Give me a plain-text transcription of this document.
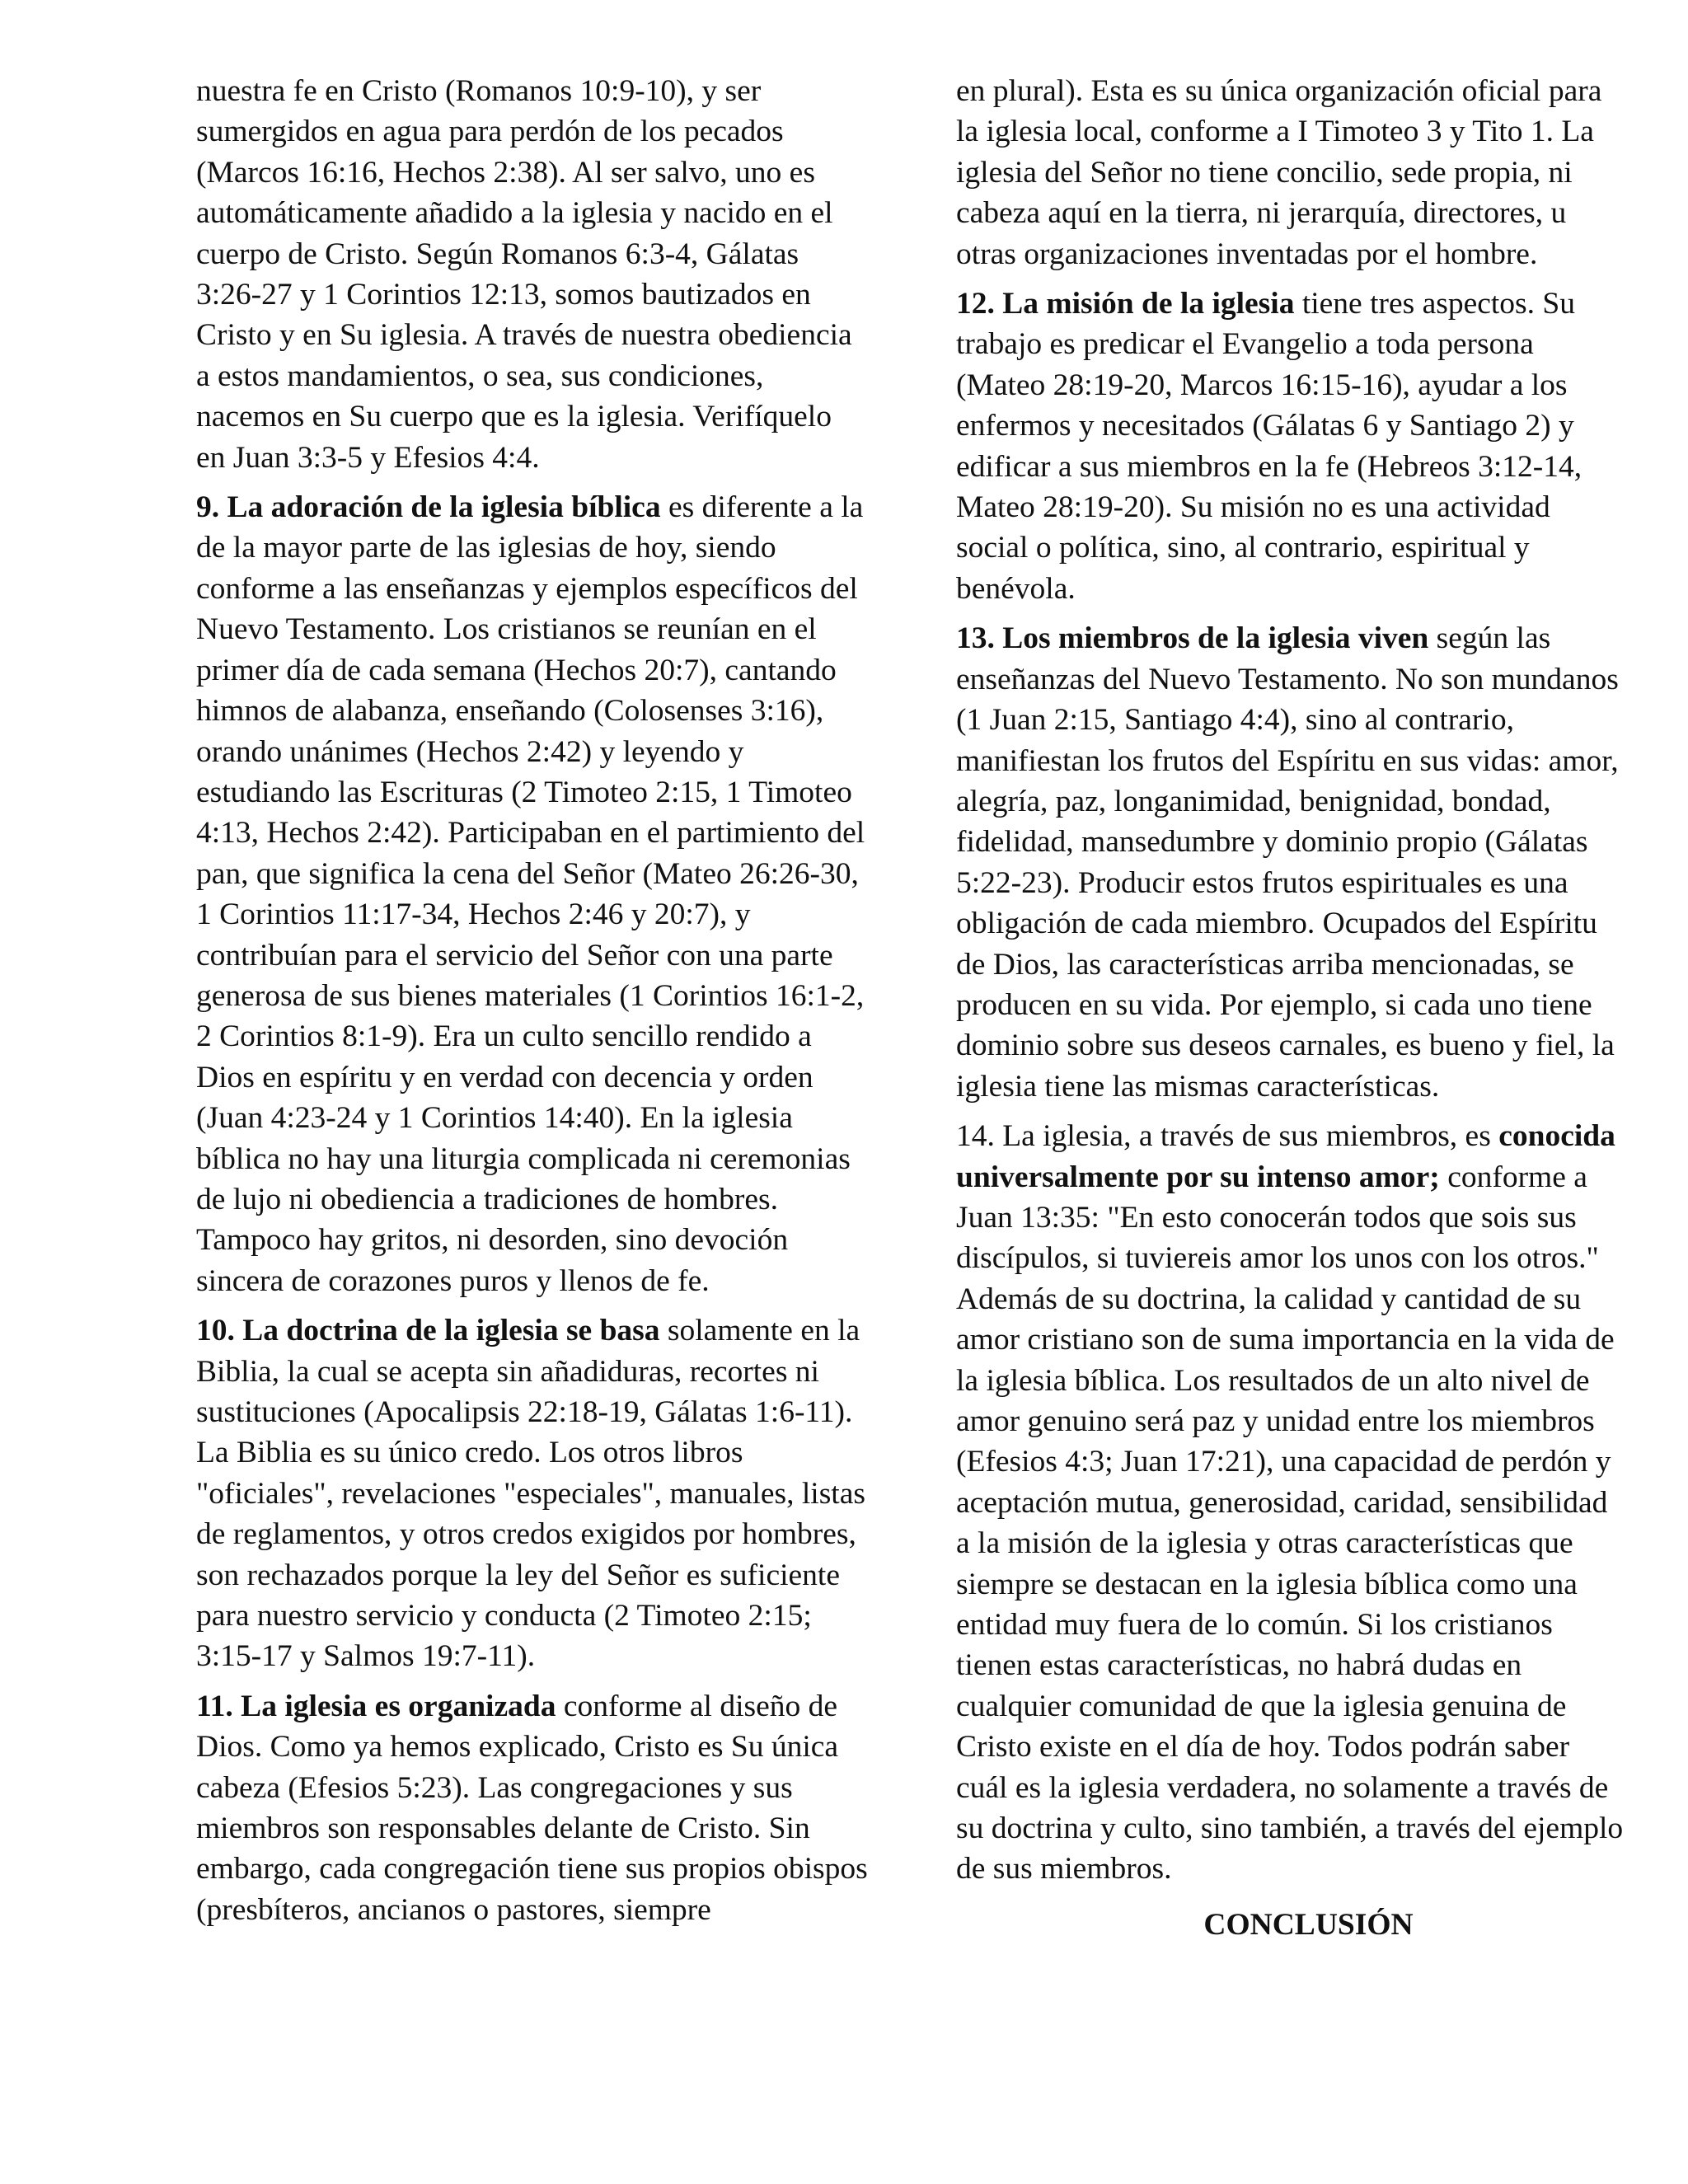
nuestra fe en Cristo (Romanos 10:9-10), y ser sumergidos en agua para perdón de los pecados (Marcos 16:16, Hechos 2:38). Al ser salvo, uno es automáticamente añadido a la iglesia y nacido en el cuerpo de Cristo. Según Romanos 6:3-4, Gálatas 3:26-27 y 1 Corintios 12:13, somos bautizados en Cristo y en Su iglesia. A través de nuestra obediencia a estos mandamientos, o sea, sus condiciones, nacemos en Su cuerpo que es la iglesia. Verifíquelo en Juan 3:3-5 y Efesios 4:4.

9. La adoración de la iglesia bíblica es diferente a la de la mayor parte de las iglesias de hoy, siendo conforme a las enseñanzas y ejemplos específicos del Nuevo Testamento. Los cristianos se reunían en el primer día de cada semana (Hechos 20:7), cantando himnos de alabanza, enseñando (Colosenses 3:16), orando unánimes (Hechos 2:42) y leyendo y estudiando las Escrituras (2 Timoteo 2:15, 1 Timoteo 4:13, Hechos 2:42). Participaban en el partimiento del pan, que significa la cena del Señor (Mateo 26:26-30, 1 Corintios 11:17-34, Hechos 2:46 y 20:7), y contribuían para el servicio del Señor con una parte generosa de sus bienes materiales (1 Corintios 16:1-2, 2 Corintios 8:1-9). Era un culto sencillo rendido a Dios en espíritu y en verdad con decencia y orden (Juan 4:23-24 y 1 Corintios 14:40). En la iglesia bíblica no hay una liturgia complicada ni ceremonias de lujo ni obediencia a tradiciones de hombres. Tampoco hay gritos, ni desorden, sino devoción sincera de corazones puros y llenos de fe.

10. La doctrina de la iglesia se basa solamente en la Biblia, la cual se acepta sin añadiduras, recortes ni sustituciones (Apocalipsis 22:18-19, Gálatas 1:6-11). La Biblia es su único credo. Los otros libros "oficiales", revelaciones "especiales", manuales, listas de reglamentos, y otros credos exigidos por hombres, son rechazados porque la ley del Señor es suficiente para nuestro servicio y conducta (2 Timoteo 2:15; 3:15-17 y Salmos 19:7-11).

11. La iglesia es organizada conforme al diseño de Dios. Como ya hemos explicado, Cristo es Su única cabeza (Efesios 5:23). Las congregaciones y sus miembros son responsables delante de Cristo. Sin embargo, cada congregación tiene sus propios obispos (presbíteros, ancianos o pastores, siempre

en plural). Esta es su única organización oficial para la iglesia local, conforme a I Timoteo 3 y Tito 1. La iglesia del Señor no tiene concilio, sede propia, ni cabeza aquí en la tierra, ni jerarquía, directores, u otras organizaciones inventadas por el hombre.

12. La misión de la iglesia tiene tres aspectos. Su trabajo es predicar el Evangelio a toda persona (Mateo 28:19-20, Marcos 16:15-16), ayudar a los enfermos y necesitados (Gálatas 6 y Santiago 2) y edificar a sus miembros en la fe (Hebreos 3:12-14, Mateo 28:19-20). Su misión no es una actividad social o política, sino, al contrario, espiritual y benévola.

13. Los miembros de la iglesia viven según las enseñanzas del Nuevo Testamento. No son mundanos (1 Juan 2:15, Santiago 4:4), sino al contrario, manifiestan los frutos del Espíritu en sus vidas: amor, alegría, paz, longanimidad, benignidad, bondad, fidelidad, mansedumbre y dominio propio (Gálatas 5:22-23). Producir estos frutos espirituales es una obligación de cada miembro. Ocupados del Espíritu de Dios, las características arriba mencionadas, se producen en su vida. Por ejemplo, si cada uno tiene dominio sobre sus deseos carnales, es bueno y fiel, la iglesia tiene las mismas características.

14. La iglesia, a través de sus miembros, es conocida universalmente por su intenso amor; conforme a Juan 13:35: "En esto conocerán todos que sois sus discípulos, si tuviereis amor los unos con los otros." Además de su doctrina, la calidad y cantidad de su amor cristiano son de suma importancia en la vida de la iglesia bíblica. Los resultados de un alto nivel de amor genuino será paz y unidad entre los miembros (Efesios 4:3; Juan 17:21), una capacidad de perdón y aceptación mutua, generosidad, caridad, sensibilidad a la misión de la iglesia y otras características que siempre se destacan en la iglesia bíblica como una entidad muy fuera de lo común. Si los cristianos tienen estas características, no habrá dudas en cualquier comunidad de que la iglesia genuina de Cristo existe en el día de hoy. Todos podrán saber cuál es la iglesia verdadera, no solamente a través de su doctrina y culto, sino también, a través del ejemplo de sus miembros.

CONCLUSIÓN
